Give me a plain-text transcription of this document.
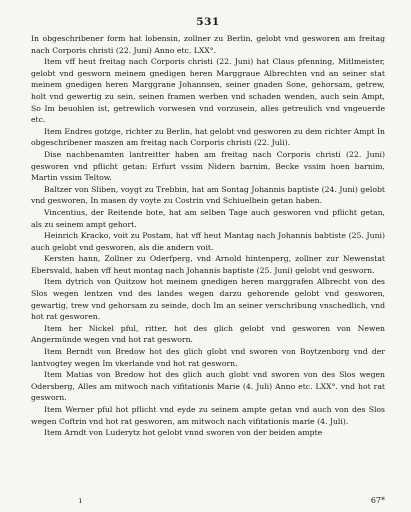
531

In obgeschribener form hat lobensin, zollner zu Berlin, gelobt vnd gesworen am freitag nach Corporis christi (22. Juni) Anno etc. LXX°.

Item vff heut freitag nach Corporis christi (22. Juni) hat Claus pfenning, Mitlmeister, gelobt vnd gesworn meinem gnedigen heren Marggraue Albrechten vnd an seiner stat meinem gnedigen heren Marggrane Johannsen, seiner gnaden Sone, gehorsam, getrew, holt vnd gewertig zu sein, seinen framen werben vnd schaden wenden, auch sein Ampt, So Im beuohlen ist, getrewlich vorwesen vnd vorzusein, alles getreulich vnd vngeuerde etc.

Item Endres gotzge, richter zu Berlin, hat gelobt vnd gesworen zu dem richter Ampt In obgeschribener maszen am freitag nach Corporis christi (22. Juli).

Dise nachbenamten lantreitter haben am freitag nach Corporis christi (22. Juni) gesworen vnd pflicht getan: Erfurt vssim Nidern barnim, Becke vssim hoen barnim, Martin vssim Teltow.

Baltzer von Sliben, voygt zu Trebbin, hat am Sontag Johannis baptiste (24. Juni) gelobt vnd gesworen, In masen dy voyte zu Costrin vnd Schiuelbein getan haben.

Vincentius, der Reitende bote, hat am selben Tage auch gesworen vnd pflicht getan, als zu seinem ampt gehort.

Heinrich Kracko, voit zu Postam, hat vff heut Mantag nach Johannis babtiste (25. Juni) auch gelobt vnd gesworen, als die andern voit.

Kersten hann, Zollner zu Oderfperg, vnd Arnold hintenperg, zollner zur Newenstat Ebersvald, haben vff heut montag nach Johannis baptiste (25. Juni) gelobt vnd gesworn.

Item dytrich von Quitzow hot meinem gnedigen heren marggrafen Albrecht von des Slos wegen lentzen vnd des landes wegen darzu gehorende gelobt vnd gesworen, gewartig, trew vnd gehorsam zu seinde, doch Im an seiner verschribung vnschedlich, vnd hot rat gesworen.

Item her Nickel pful, ritter, hot des glich gelobt vnd gesworen von Newen Angermünde wegen vnd hot rat gesworn.

Item Berndt von Bredow hot des glich globt vnd sworen von Boytzenborg vnd der lantvogtey wegen Im vkerlande vnd hot rat gesworn.

Item Matias von Bredow hot des glich auch globt vnd sworen von des Slos wegen Odersberg, Alles am mitwoch nach vifitationis Marie (4. Juli) Anno etc. LXX°. vnd hot rat gesworn.

Item Werner pful hot pflicht vnd eyde zu seinem ampte getan vnd auch von des Slos wegen Coftrin vnd hot rat gesworen, am mitwoch nach vifitationis marie (4. Juli).

Item Arndt von Luderytz hot gelobt vnnd sworen von der beiden ampte

ı	67*
